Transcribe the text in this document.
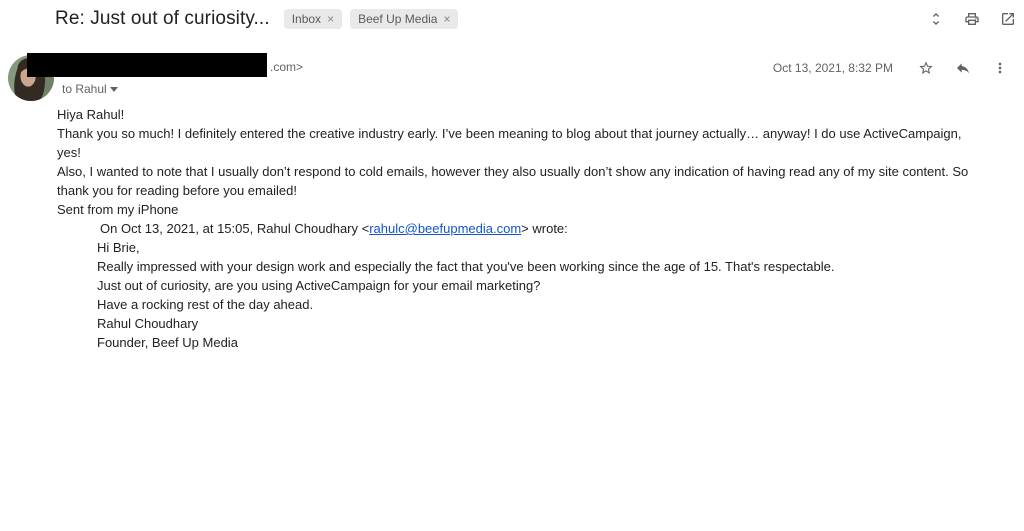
Re: Just out of curiosity... Inbox × Beef Up Media ×
.com>
to Rahul
Oct 13, 2021, 8:32 PM

Hiya Rahul!

Thank you so much! I definitely entered the creative industry early. I’ve been meaning to blog about that journey actually… anyway! I do use ActiveCampaign, yes!

Also, I wanted to note that I usually don’t respond to cold emails, however they also usually don’t show any indication of having read any of my site content. So thank you for reading before you emailed!

Sent from my iPhone

On Oct 13, 2021, at 15:05, Rahul Choudhary <rahulc@beefupmedia.com> wrote:

Hi Brie,

Really impressed with your design work and especially the fact that you've been working since the age of 15. That's respectable.

Just out of curiosity, are you using ActiveCampaign for your email marketing?

Have a rocking rest of the day ahead.

Rahul Choudhary
Founder, Beef Up Media
